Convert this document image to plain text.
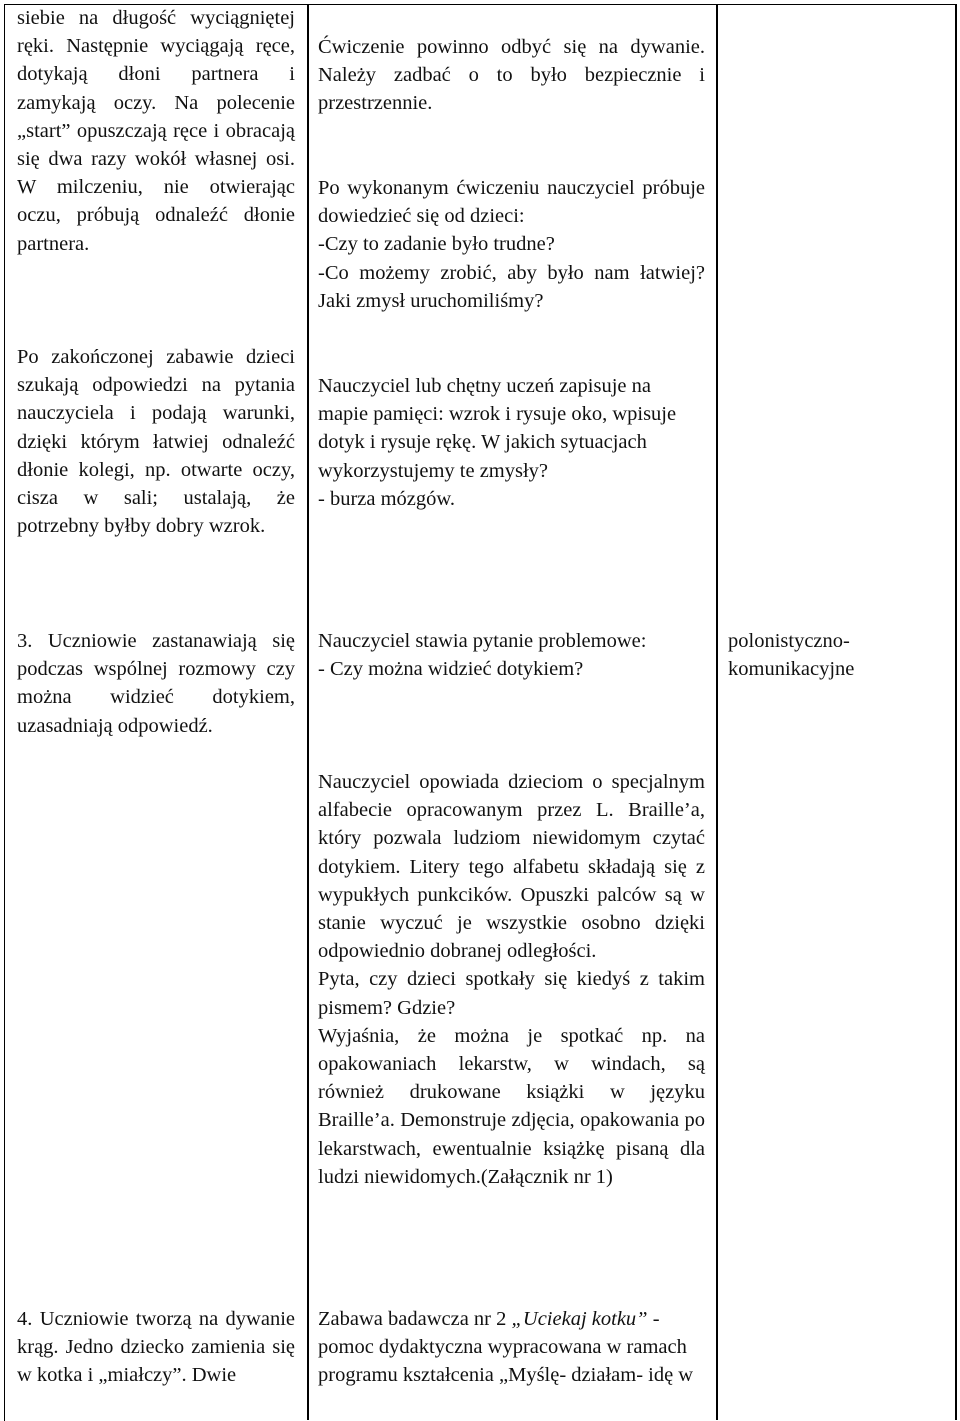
siebie na długość wyciągniętej ręki. Następnie wyciągają ręce, dotykają dłoni partnera i zamykają oczy. Na polecenie „start” opuszczają ręce i obracają się dwa razy wokół własnej osi. W milczeniu, nie otwierając oczu, próbują odnaleźć dłonie partnera.

Po zakończonej zabawie dzieci szukają odpowiedzi na pytania nauczyciela i podają warunki, dzięki którym łatwiej odnaleźć dłonie kolegi, np. otwarte oczy, cisza w sali; ustalają, że potrzebny byłby dobry wzrok.

3. Uczniowie zastanawiają się podczas wspólnej rozmowy czy można widzieć dotykiem, uzasadniają odpowiedź.

4. Uczniowie tworzą na dywanie krąg. Jedno dziecko zamienia się w kotka i „miałczy”. Dwie

Ćwiczenie powinno odbyć się na dywanie. Należy zadbać o to było bezpiecznie i przestrzennie.

Po wykonanym ćwiczeniu nauczyciel próbuje dowiedzieć się od dzieci:

-Czy to zadanie było trudne?

-Co możemy zrobić, aby było nam łatwiej? Jaki zmysł uruchomiliśmy?

Nauczyciel lub chętny uczeń zapisuje na mapie pamięci: wzrok i rysuje oko, wpisuje dotyk i rysuje rękę. W jakich sytuacjach wykorzystujemy te zmysły?

- burza mózgów.

Nauczyciel stawia pytanie problemowe:

- Czy można widzieć dotykiem?

Nauczyciel opowiada dzieciom o specjalnym alfabecie opracowanym przez L. Braille’a, który pozwala ludziom niewidomym czytać dotykiem. Litery tego alfabetu składają się z wypukłych punkcików. Opuszki palców są w stanie wyczuć je wszystkie osobno dzięki odpowiednio dobranej odległości.

Pyta, czy dzieci spotkały się kiedyś z takim pismem? Gdzie?

Wyjaśnia, że można je spotkać np. na opakowaniach lekarstw, w windach, są również drukowane książki w języku Braille’a. Demonstruje zdjęcia, opakowania po lekarstwach, ewentualnie książkę pisaną dla ludzi niewidomych.(Załącznik nr 1)

Zabawa badawcza nr 2 „Uciekaj kotku” - pomoc dydaktyczna wypracowana w ramach programu kształcenia „Myślę- działam- idę w

polonistyczno-komunikacyjne
